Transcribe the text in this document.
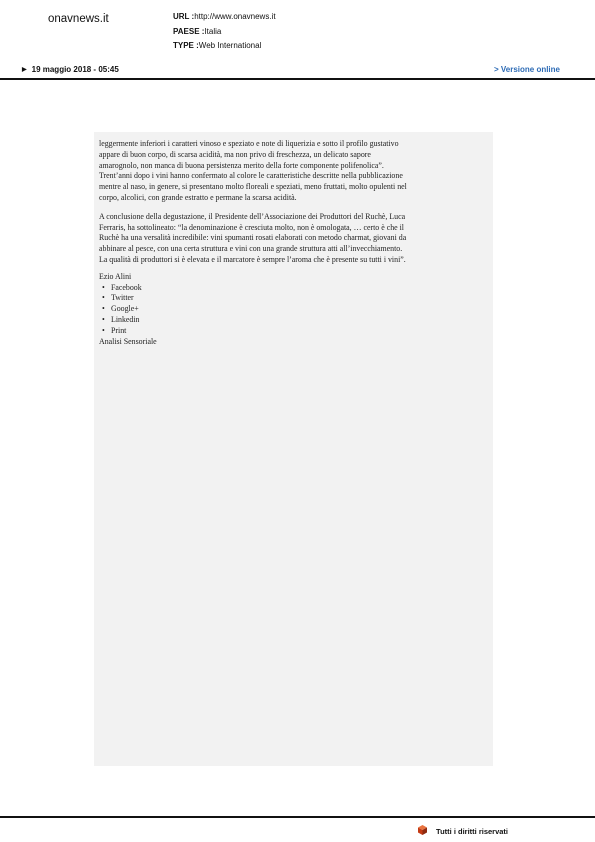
onavnews.it	URL :http://www.onavnews.it
PAESE :Italia
TYPE :Web International
▶ 19 maggio 2018 - 05:45	> Versione online

leggermente inferiori i caratteri vinoso e speziato e note di liquerizia e sotto il profilo gustativo
appare di buon corpo, di scarsa acidità, ma non privo di freschezza, un delicato sapore
amarognolo, non manca di buona persistenza merito della forte componente polifenolica”.
Trent’anni dopo i vini hanno confermato al colore le caratteristiche descritte nella pubblicazione
mentre al naso, in genere, si presentano molto floreali e speziati, meno fruttati, molto opulenti nel
corpo, alcolici, con grande estratto e permane la scarsa acidità.

A conclusione della degustazione, il Presidente dell’Associazione dei Produttori del Ruchè, Luca
Ferraris, ha sottolineato: “la denominazione è cresciuta molto, non è omologata, … certo è che il
Ruchè ha una versalità incredibile: vini spumanti rosati elaborati con metodo charmat, giovani da
abbinare al pesce, con una certa struttura e vini con una grande struttura atti all’invecchiamento.
La qualità di produttori si è elevata e il marcatore è sempre l’aroma che è presente su tutti i vini”.

Ezio Alini

• Facebook
• Twitter
• Google+
• Linkedin
• Print

Analisi Sensoriale

Tutti i diritti riservati
